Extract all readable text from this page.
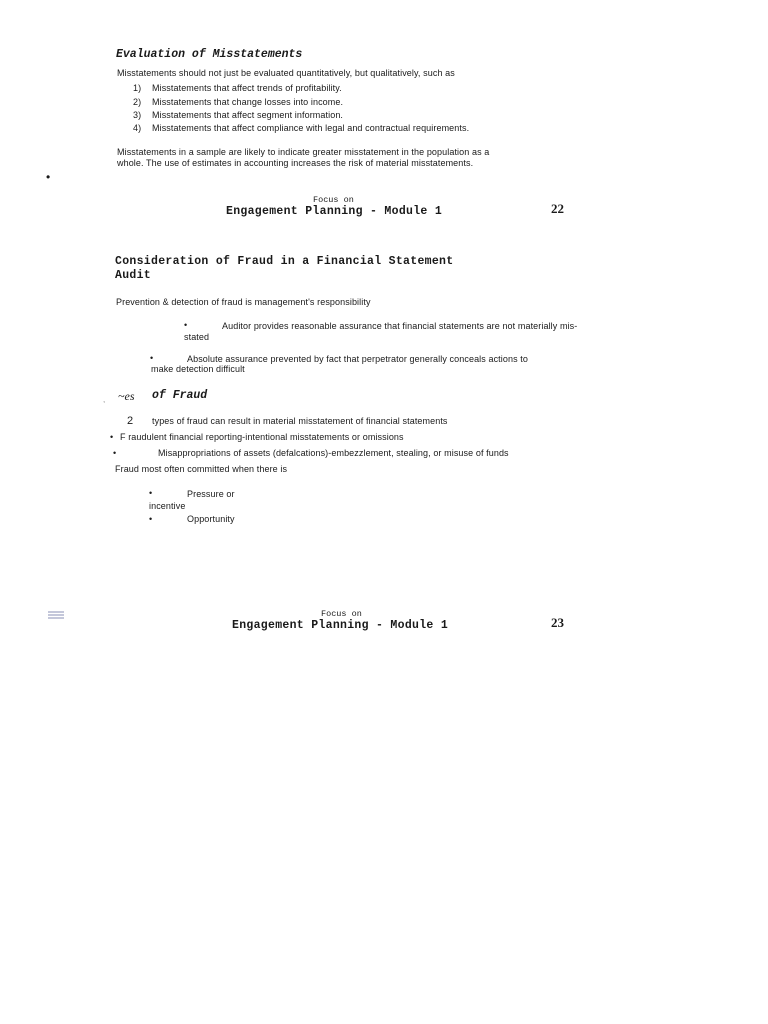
Evaluation of Misstatements
Misstatements should not just be evaluated quantitatively, but qualitatively, such as
1) Misstatements that affect trends of profitability.
2) Misstatements that change losses into income.
3) Misstatements that affect segment information.
4) Misstatements that affect compliance with legal and contractual requirements.
Misstatements in a sample are likely to indicate greater misstatement in the population as a
whole. The use of estimates in accounting increases the risk of material misstatements.
•
Focus on
Engagement Planning - Module 1	22
Consideration of Fraud in a Financial Statement
Audit
Prevention & detection of fraud is management's responsibility
•	Auditor provides reasonable assurance that financial statements are not materially mis-
stated
•	Absolute assurance prevented by fact that perpetrator generally conceals actions to
make detection difficult
, ~es of Fraud
2 types of fraud can result in material misstatement of financial statements
• F raudulent financial reporting-intentional misstatements or omissions
•	Misappropriations of assets (defalcations)-embezzlement, stealing, or misuse of funds
Fraud most often committed when there is
•	Pressure or
incentive
•	Opportunity
Focus on
Engagement Planning - Module 1	23
